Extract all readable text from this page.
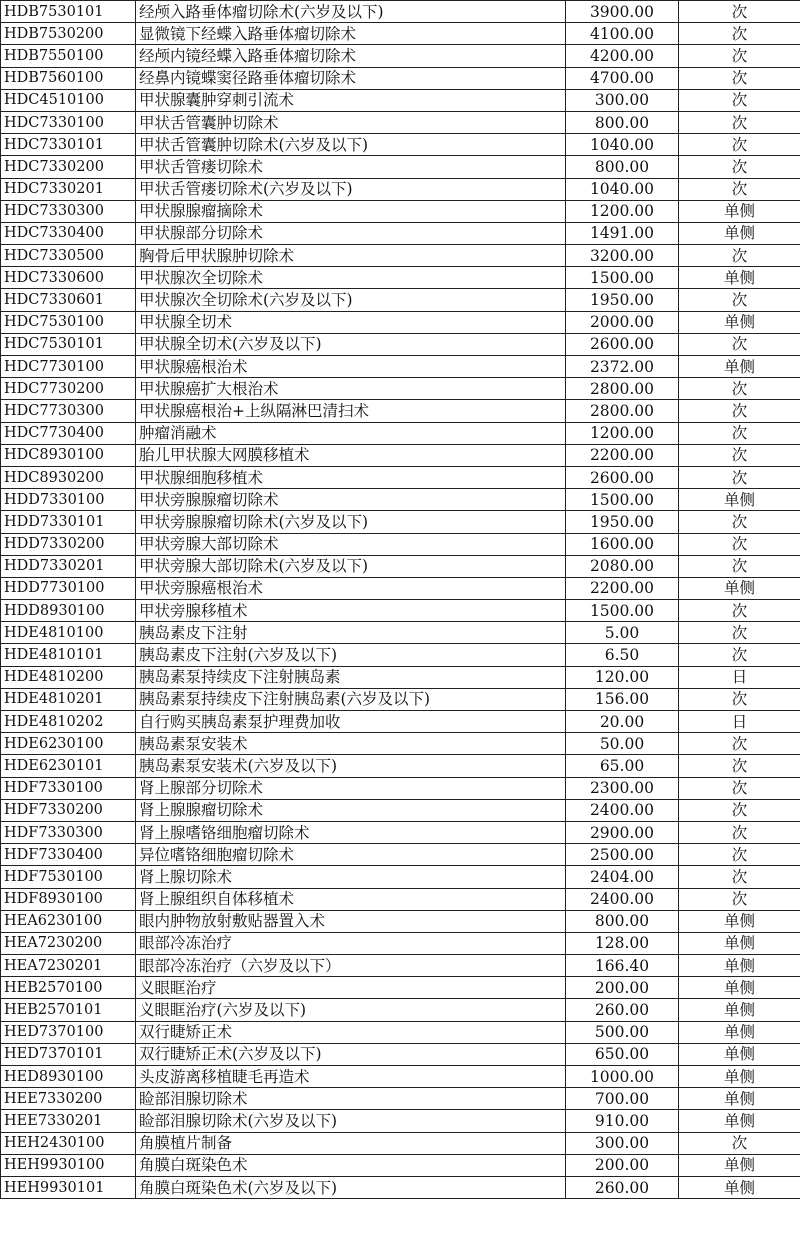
HDB7530101	经颅入路垂体瘤切除术(六岁及以下)	3900.00	次
HDB7530200	显微镜下经蝶入路垂体瘤切除术	4100.00	次
HDB7550100	经颅内镜经蝶入路垂体瘤切除术	4200.00	次
HDB7560100	经鼻内镜蝶窦径路垂体瘤切除术	4700.00	次
HDC4510100	甲状腺囊肿穿刺引流术	300.00	次
HDC7330100	甲状舌管囊肿切除术	800.00	次
HDC7330101	甲状舌管囊肿切除术(六岁及以下)	1040.00	次
HDC7330200	甲状舌管瘘切除术	800.00	次
HDC7330201	甲状舌管瘘切除术(六岁及以下)	1040.00	次
HDC7330300	甲状腺腺瘤摘除术	1200.00	单侧
HDC7330400	甲状腺部分切除术	1491.00	单侧
HDC7330500	胸骨后甲状腺肿切除术	3200.00	次
HDC7330600	甲状腺次全切除术	1500.00	单侧
HDC7330601	甲状腺次全切除术(六岁及以下)	1950.00	次
HDC7530100	甲状腺全切术	2000.00	单侧
HDC7530101	甲状腺全切术(六岁及以下)	2600.00	次
HDC7730100	甲状腺癌根治术	2372.00	单侧
HDC7730200	甲状腺癌扩大根治术	2800.00	次
HDC7730300	甲状腺癌根治+上纵隔淋巴清扫术	2800.00	次
HDC7730400	肿瘤消融术	1200.00	次
HDC8930100	胎儿甲状腺大网膜移植术	2200.00	次
HDC8930200	甲状腺细胞移植术	2600.00	次
HDD7330100	甲状旁腺腺瘤切除术	1500.00	单侧
HDD7330101	甲状旁腺腺瘤切除术(六岁及以下)	1950.00	次
HDD7330200	甲状旁腺大部切除术	1600.00	次
HDD7330201	甲状旁腺大部切除术(六岁及以下)	2080.00	次
HDD7730100	甲状旁腺癌根治术	2200.00	单侧
HDD8930100	甲状旁腺移植术	1500.00	次
HDE4810100	胰岛素皮下注射	5.00	次
HDE4810101	胰岛素皮下注射(六岁及以下)	6.50	次
HDE4810200	胰岛素泵持续皮下注射胰岛素	120.00	日
HDE4810201	胰岛素泵持续皮下注射胰岛素(六岁及以下)	156.00	次
HDE4810202	自行购买胰岛素泵护理费加收	20.00	日
HDE6230100	胰岛素泵安装术	50.00	次
HDE6230101	胰岛素泵安装术(六岁及以下)	65.00	次
HDF7330100	肾上腺部分切除术	2300.00	次
HDF7330200	肾上腺腺瘤切除术	2400.00	次
HDF7330300	肾上腺嗜铬细胞瘤切除术	2900.00	次
HDF7330400	异位嗜铬细胞瘤切除术	2500.00	次
HDF7530100	肾上腺切除术	2404.00	次
HDF8930100	肾上腺组织自体移植术	2400.00	次
HEA6230100	眼内肿物放射敷贴器置入术	800.00	单侧
HEA7230200	眼部冷冻治疗	128.00	单侧
HEA7230201	眼部冷冻治疗（六岁及以下）	166.40	单侧
HEB2570100	义眼眶治疗	200.00	单侧
HEB2570101	义眼眶治疗(六岁及以下)	260.00	单侧
HED7370100	双行睫矫正术	500.00	单侧
HED7370101	双行睫矫正术(六岁及以下)	650.00	单侧
HED8930100	头皮游离移植睫毛再造术	1000.00	单侧
HEE7330200	睑部泪腺切除术	700.00	单侧
HEE7330201	睑部泪腺切除术(六岁及以下)	910.00	单侧
HEH2430100	角膜植片制备	300.00	次
HEH9930100	角膜白斑染色术	200.00	单侧
HEH9930101	角膜白斑染色术(六岁及以下)	260.00	单侧
